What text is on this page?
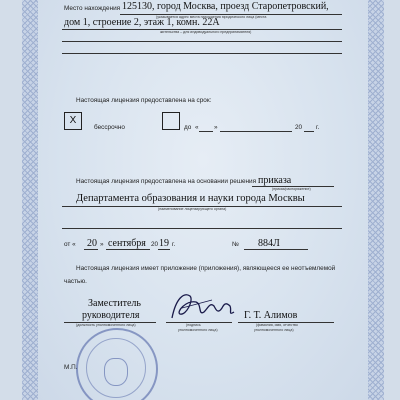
Место нахождения 125130, город Москва, проезд Старопетровский,
(указывается адрес места нахождения юридического лица (места
дом 1, строение 2, этаж 1, комн. 22А
жительства – для индивидуального предпринимателя)
Настоящая лицензия предоставлена на срок:
X
бессрочно	до « »	20 г.
Настоящая лицензия предоставлена на основании решения приказа
(приказ/распоряжение)
Департамента образования и науки города Москвы
(наименование лицензирующего органа)
от « 20 » сентября 20 19 г.	№ 884Л
Настоящая лицензия имеет приложение (приложения), являющееся ее неотъемлемой
частью.
Заместитель
руководителя
(должность уполномоченного лица)	(подпись
уполномоченного лица)
Г. Т. Алимов
(фамилия, имя, отчество
уполномоченного лица)
М.П.
